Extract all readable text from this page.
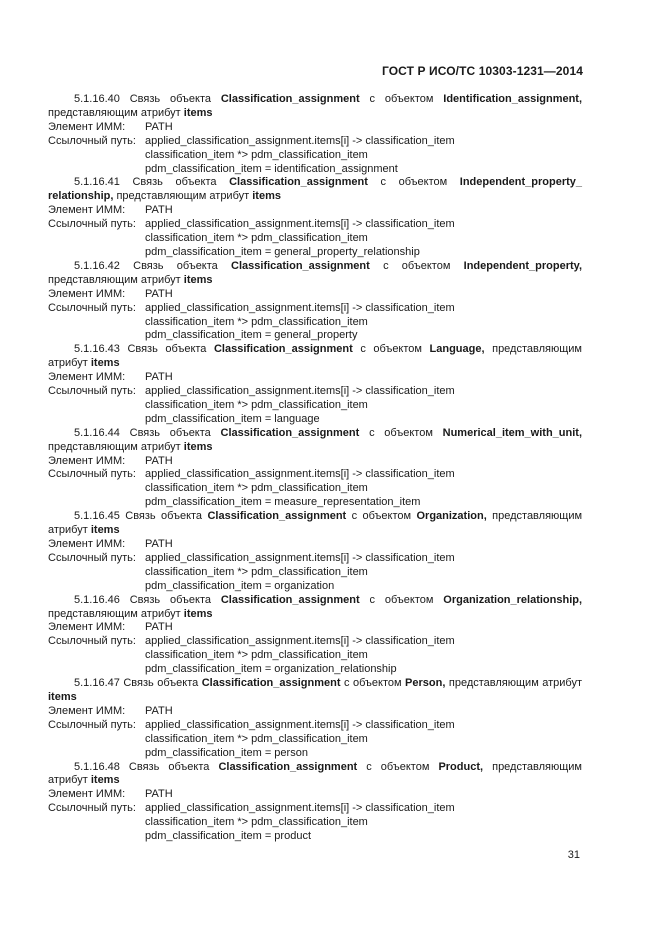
ГОСТ Р ИСО/ТС 10303-1231—2014

5.1.16.40 Связь объекта Classification_assignment с объектом Identification_assignment, представляющим атрибут items

Элемент ИММ:	PATH
Ссылочный путь: applied_classification_assignment.items[i] -> classification_item
classification_item *> pdm_classification_item
pdm_classification_item = identification_assignment

5.1.16.41 Связь объекта Classification_assignment с объектом Independent_property_ relationship, представляющим атрибут items

Элемент ИММ:	PATH
Ссылочный путь: applied_classification_assignment.items[i] -> classification_item
classification_item *> pdm_classification_item
pdm_classification_item = general_property_relationship

5.1.16.42 Связь объекта Classification_assignment с объектом Independent_property, представляющим атрибут items

Элемент ИММ:	PATH
Ссылочный путь: applied_classification_assignment.items[i] -> classification_item
classification_item *> pdm_classification_item
pdm_classification_item = general_property

5.1.16.43 Связь объекта Classification_assignment с объектом Language, представляющим атрибут items

Элемент ИММ:	PATH
Ссылочный путь: applied_classification_assignment.items[i] -> classification_item
classification_item *> pdm_classification_item
pdm_classification_item = language

5.1.16.44 Связь объекта Classification_assignment с объектом Numerical_item_with_unit, представляющим атрибут items

Элемент ИММ:	PATH
Ссылочный путь: applied_classification_assignment.items[i] -> classification_item
classification_item *> pdm_classification_item
pdm_classification_item = measure_representation_item

5.1.16.45 Связь объекта Classification_assignment с объектом Organization, представляющим атрибут items

Элемент ИММ:	PATH
Ссылочный путь: applied_classification_assignment.items[i] -> classification_item
classification_item *> pdm_classification_item
pdm_classification_item = organization

5.1.16.46 Связь объекта Classification_assignment с объектом Organization_relationship, представляющим атрибут items

Элемент ИММ:	PATH
Ссылочный путь: applied_classification_assignment.items[i] -> classification_item
classification_item *> pdm_classification_item
pdm_classification_item = organization_relationship

5.1.16.47 Связь объекта Classification_assignment с объектом Person, представляющим атрибут items

Элемент ИММ:	PATH
Ссылочный путь: applied_classification_assignment.items[i] -> classification_item
classification_item *> pdm_classification_item
pdm_classification_item = person

5.1.16.48 Связь объекта Classification_assignment с объектом Product, представляющим атрибут items

Элемент ИММ:	PATH
Ссылочный путь: applied_classification_assignment.items[i] -> classification_item
classification_item *> pdm_classification_item
pdm_classification_item = product
31
